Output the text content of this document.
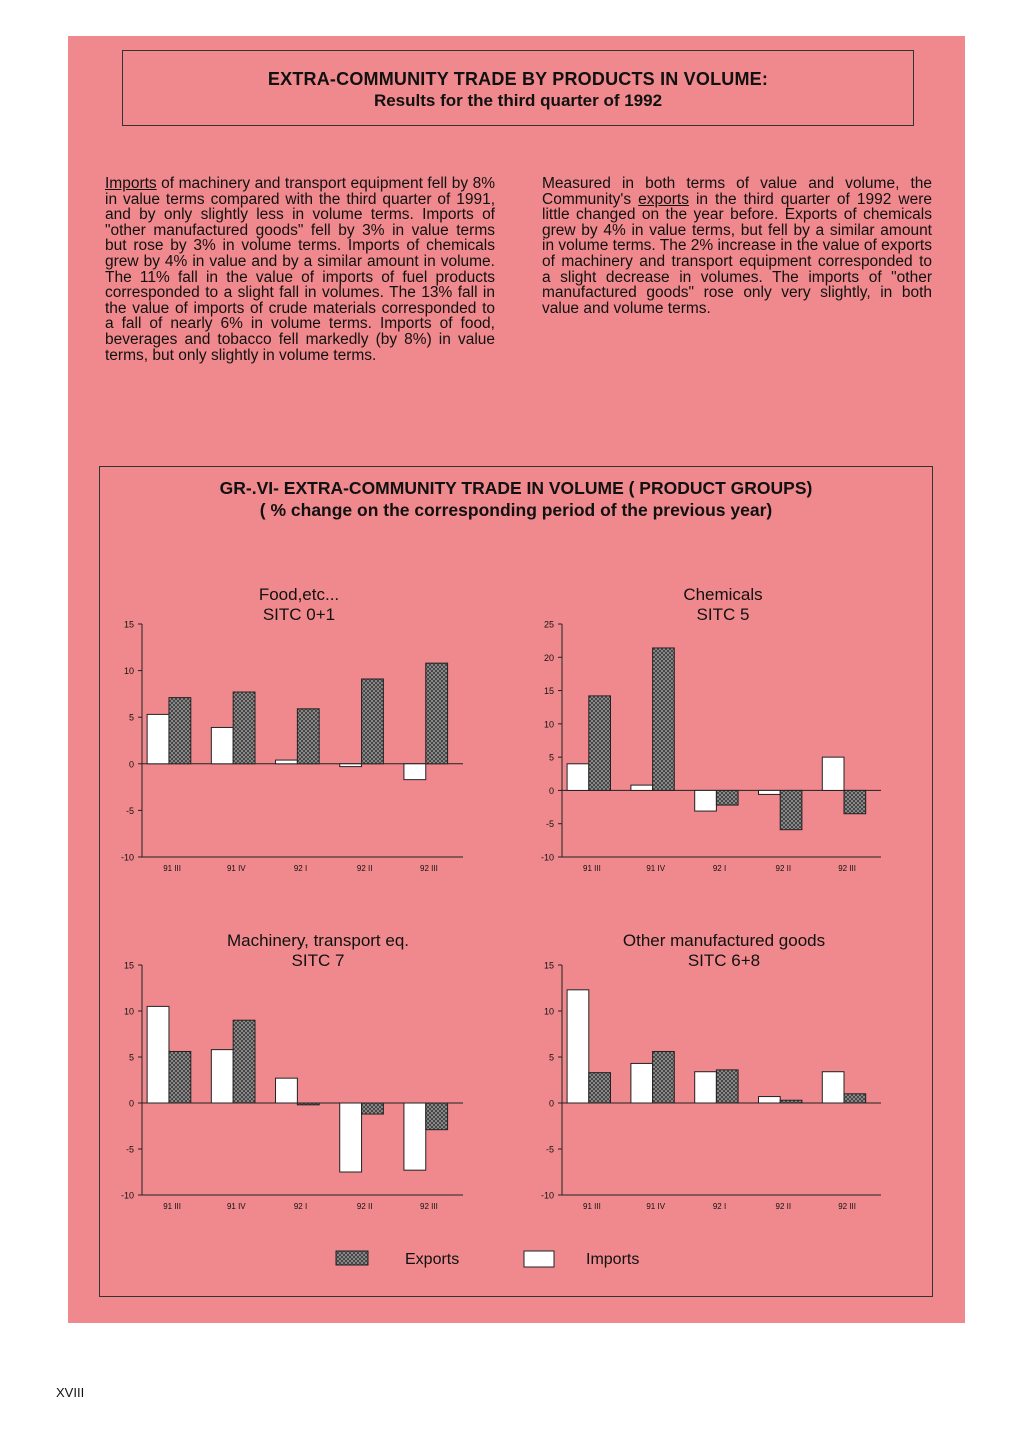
EXTRA-COMMUNITY TRADE BY PRODUCTS IN VOLUME:
Results for the third quarter of 1992
Imports of machinery and transport equipment fell by 8% in value terms compared with the third quarter of 1991, and by only slightly less in volume terms. Imports of "other manufactured goods" fell by 3% in value terms but rose by 3% in volume terms. Imports of chemicals grew by 4% in value and by a similar amount in volume. The 11% fall in the value of imports of fuel products corresponded to a slight fall in volumes. The 13% fall in the value of imports of crude materials corresponded to a fall of nearly 6% in volume terms. Imports of food, beverages and tobacco fell markedly (by 8%) in value terms, but only slightly in volume terms.
Measured in both terms of value and volume, the Community's exports in the third quarter of 1992 were little changed on the year before. Exports of chemicals grew by 4% in value terms, but fell by a similar amount in volume terms. The 2% increase in the value of exports of machinery and transport equipment corresponded to a slight decrease in volumes. The imports of "other manufactured goods" rose only very slightly, in both value and volume terms.
GR-.VI- EXTRA-COMMUNITY TRADE IN VOLUME ( PRODUCT GROUPS)
( % change on the corresponding period of the previous year)
Food,etc...
SITC 0+1
15
10
5
0
-5
-10
91 III	91 IV	92 I	92 II	92 III
Chemicals
SITC 5
25
20
15
10
5
0
-5
-10
91 III	91 IV	92 I	92 II	92 III
Machinery, transport eq.
SITC 7
15
10
5
0
-5
-10
91 III	91 IV	92 I	92 II	92 III
Other manufactured goods
SITC 6+8
15
10
5
0
-5
-10
91 III	91 IV	92 I	92 II	92 III
Exports	Imports
XVIII
